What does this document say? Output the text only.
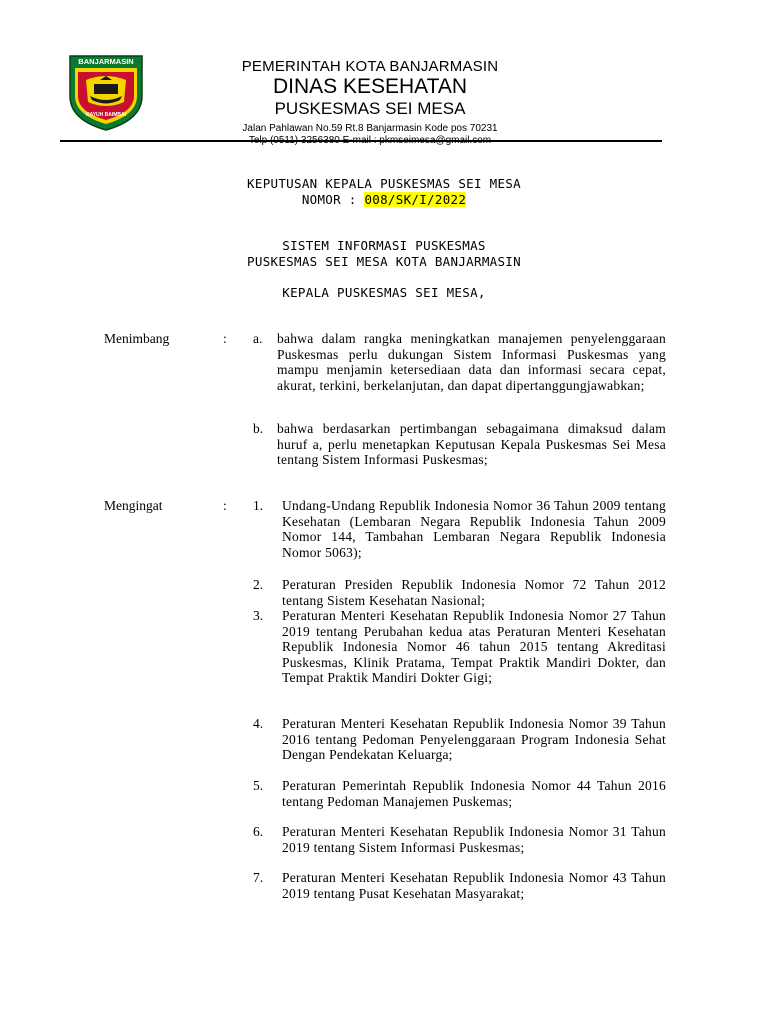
BANJARMASIN
KAYUH BAIMBAI
PEMERINTAH KOTA BANJARMASIN
DINAS KESEHATAN
PUSKESMAS SEI MESA
Jalan Pahlawan No.59 Rt.8 Banjarmasin Kode pos 70231
KEPUTUSAN KEPALA PUSKESMAS SEI MESA
NOMOR : 008/SK/I/2022
SISTEM INFORMASI PUSKESMAS
PUSKESMAS SEI MESA KOTA BANJARMASIN
KEPALA PUSKESMAS SEI MESA,
Menimbang	: a. bahwa dalam rangka meningkatkan manajemen penyelenggaraan Puskesmas perlu dukungan Sistem Informasi Puskesmas yang mampu menjamin ketersediaan data dan informasi secara cepat, akurat, terkini, berkelanjutan, dan dapat dipertanggungjawabkan;
b. bahwa berdasarkan pertimbangan sebagaimana dimaksud dalam huruf a, perlu menetapkan Keputusan Kepala Puskesmas Sei Mesa tentang Sistem Informasi Puskesmas;
Mengingat	: 1. Undang-Undang Republik Indonesia Nomor 36 Tahun 2009 tentang Kesehatan (Lembaran Negara Republik Indonesia Tahun 2009 Nomor 144, Tambahan Lembaran Negara Republik Indonesia Nomor 5063);
2. Peraturan Presiden Republik Indonesia Nomor 72 Tahun 2012 tentang Sistem Kesehatan Nasional;
3. Peraturan Menteri Kesehatan Republik Indonesia Nomor 27 Tahun 2019 tentang Perubahan kedua atas Peraturan Menteri Kesehatan Republik Indonesia Nomor 46 tahun 2015 tentang Akreditasi Puskesmas, Klinik Pratama, Tempat Praktik Mandiri Dokter, dan Tempat Praktik Mandiri Dokter Gigi;
4. Peraturan Menteri Kesehatan Republik Indonesia Nomor 39 Tahun 2016 tentang Pedoman Penyelenggaraan Program Indonesia Sehat Dengan Pendekatan Keluarga;
5. Peraturan Pemerintah Republik Indonesia Nomor 44 Tahun 2016 tentang Pedoman Manajemen Puskemas;
6. Peraturan Menteri Kesehatan Republik Indonesia Nomor 31 Tahun 2019 tentang Sistem Informasi Puskesmas;
7. Peraturan Menteri Kesehatan Republik Indonesia Nomor 43 Tahun 2019 tentang Pusat Kesehatan Masyarakat;
